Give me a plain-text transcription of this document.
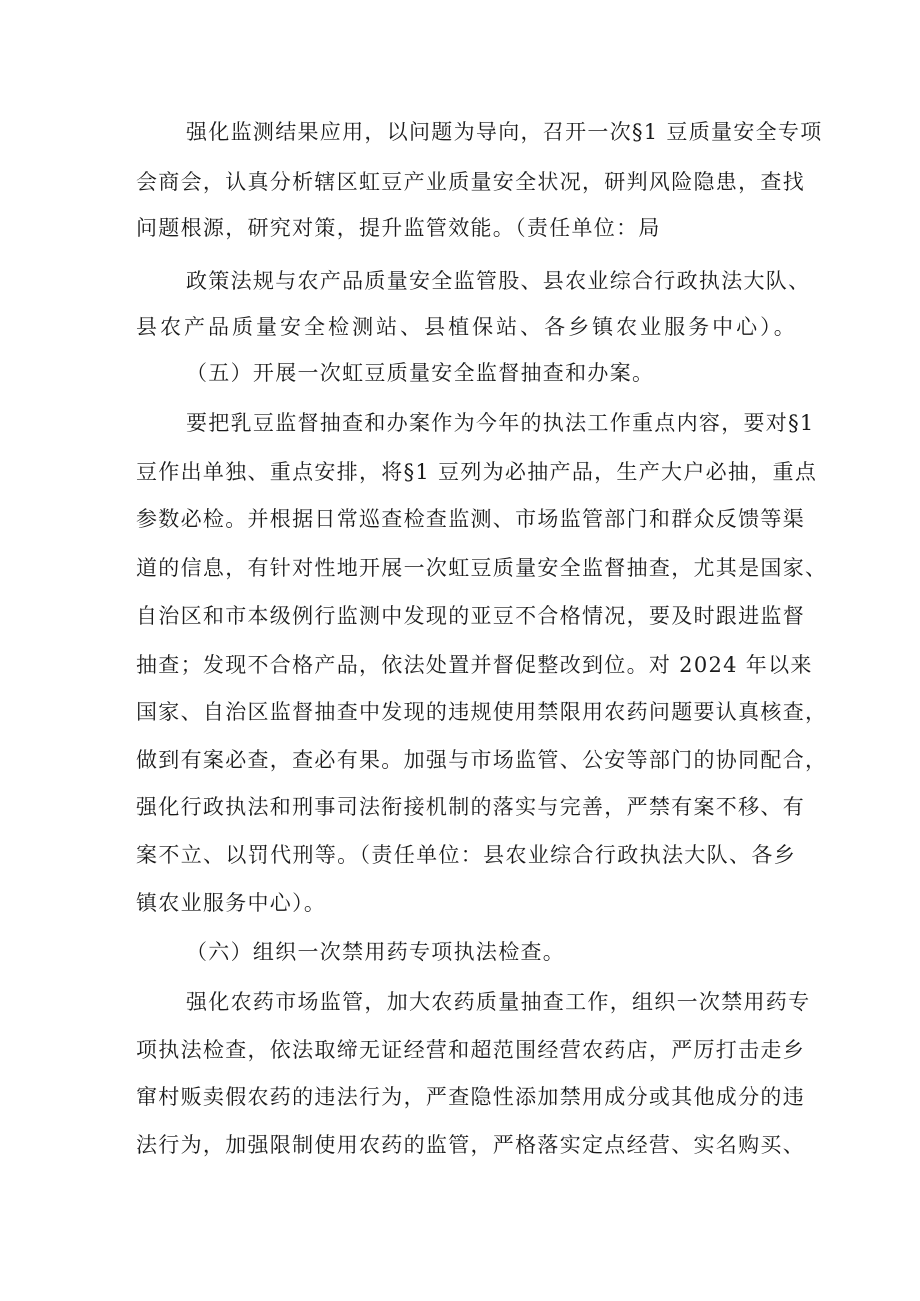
强化监测结果应用，以问题为导向，召开一次§1 豆质量安全专项
会商会，认真分析辖区虹豆产业质量安全状况，研判风险隐患，查找
问题根源，研究对策，提升监管效能。（责任单位：局
政策法规与农产品质量安全监管股、县农业综合行政执法大队、
县农产品质量安全检测站、县植保站、各乡镇农业服务中心）。
（五）开展一次虹豆质量安全监督抽查和办案。
要把乳豆监督抽查和办案作为今年的执法工作重点内容，要对§1
豆作出单独、重点安排，将§1 豆列为必抽产品，生产大户必抽，重点
参数必检。并根据日常巡查检查监测、市场监管部门和群众反馈等渠
道的信息，有针对性地开展一次虹豆质量安全监督抽查，尤其是国家、
自治区和市本级例行监测中发现的亚豆不合格情况，要及时跟进监督
抽查；发现不合格产品，依法处置并督促整改到位。对 2024 年以来
国家、自治区监督抽查中发现的违规使用禁限用农药问题要认真核查，
做到有案必查，查必有果。加强与市场监管、公安等部门的协同配合，
强化行政执法和刑事司法衔接机制的落实与完善，严禁有案不移、有
案不立、以罚代刑等。（责任单位：县农业综合行政执法大队、各乡
镇农业服务中心）。
（六）组织一次禁用药专项执法检查。
强化农药市场监管，加大农药质量抽查工作，组织一次禁用药专
项执法检查，依法取缔无证经营和超范围经营农药店，严厉打击走乡
窜村贩卖假农药的违法行为，严查隐性添加禁用成分或其他成分的违
法行为，加强限制使用农药的监管，严格落实定点经营、实名购买、
